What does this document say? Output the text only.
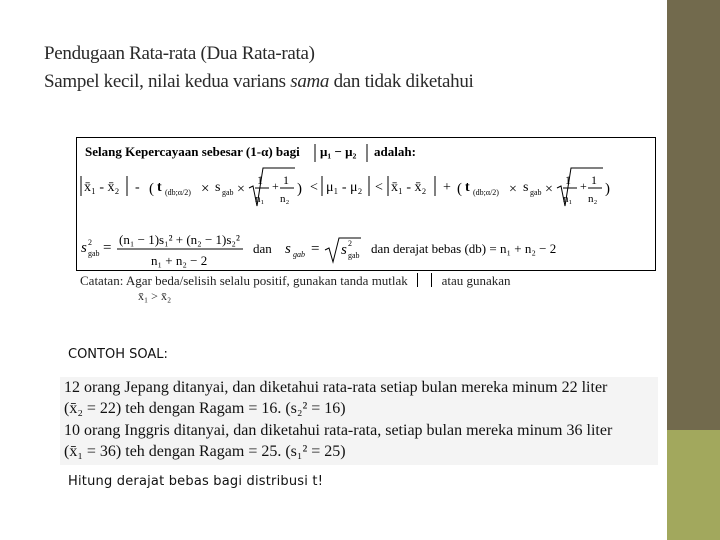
Pendugaan Rata-rata (Dua Rata-rata)
Sampel kecil, nilai kedua varians sama dan tidak diketahui
Selang Kepercayaan sebesar (1-α) bagi μ₁ − μ₂ adalah:
x̄₁ - x̄₂ - ( t (db;α/2) × s gab ×
1
n₁
+ 1
n₂
) < μ₁ - μ₂ < x̄₁ - x̄₂ + ( t (db;α/2) × s gab ×
1
n₁
+ 1
n₂
)
s 2
gab =
(n₁ − 1)s₁² + (n₂ − 1)s₂²
n₁ + n₂ − 2
dan s gab = s 2
gab dan derajat bebas (db) = n₁ + n₂ − 2
Catatan: Agar beda/selisih selalu positif, gunakan tanda mutlak	atau gunakan
x̄₁ > x̄₂
CONTOH SOAL:
12 orang Jepang ditanyai, dan diketahui rata-rata setiap bulan mereka minum 22 liter
(x̄₂ = 22) teh dengan Ragam = 16. (s₂² = 16)
10 orang Inggris ditanyai, dan diketahui rata-rata, setiap bulan mereka minum 36 liter
(x̄₁ = 36) teh dengan Ragam = 25. (s₁² = 25)
Hitung derajat bebas bagi distribusi t!
